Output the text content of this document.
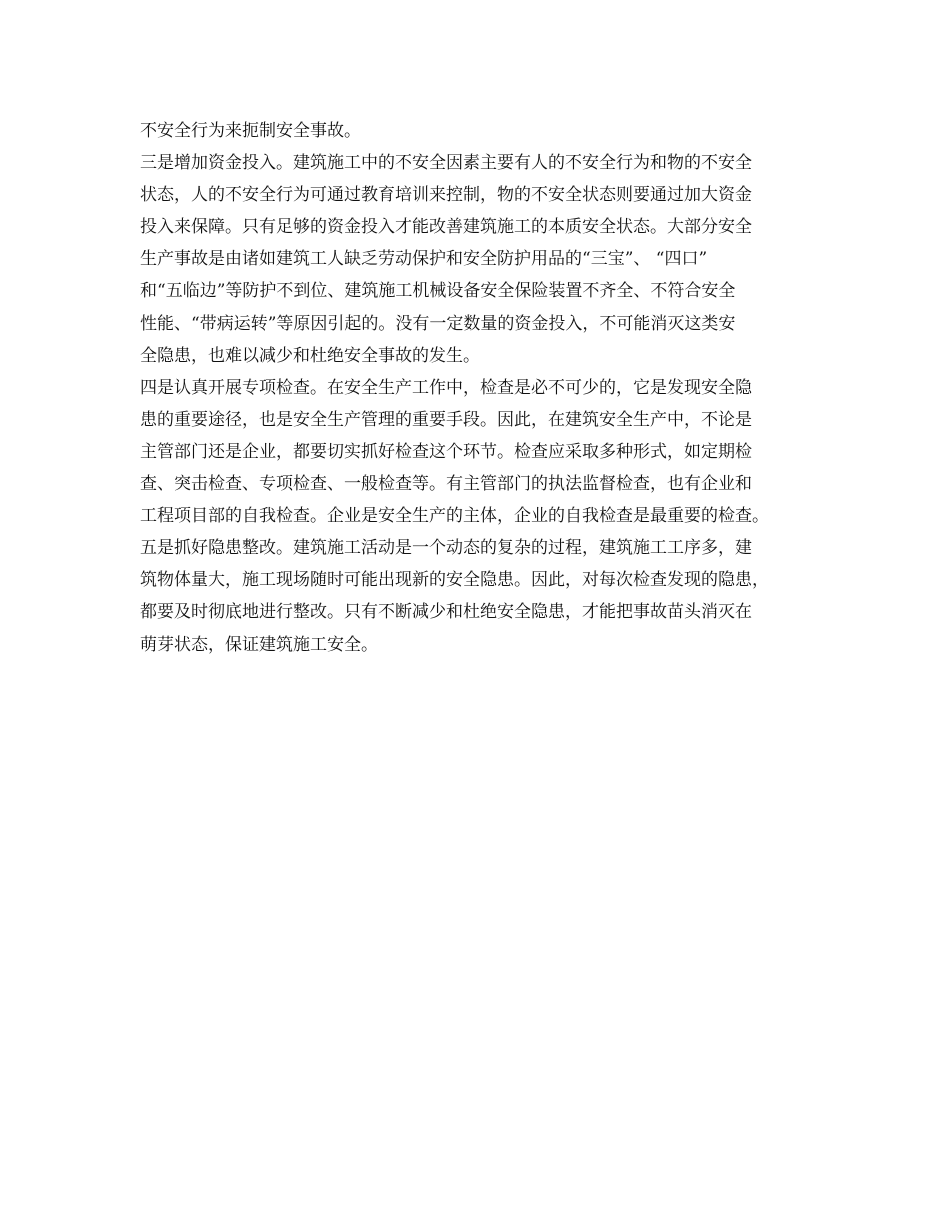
不安全行为来扼制安全事故。
三是增加资金投入。建筑施工中的不安全因素主要有人的不安全行为和物的不安全
状态，人的不安全行为可通过教育培训来控制，物的不安全状态则要通过加大资金
投入来保障。只有足够的资金投入才能改善建筑施工的本质安全状态。大部分安全
生产事故是由诸如建筑工人缺乏劳动保护和安全防护用品的“三宝”、 “四口”
和“五临边”等防护不到位、建筑施工机械设备安全保险装置不齐全、不符合安全
性能、“带病运转”等原因引起的。没有一定数量的资金投入，不可能消灭这类安
全隐患，也难以减少和杜绝安全事故的发生。
四是认真开展专项检查。在安全生产工作中，检查是必不可少的，它是发现安全隐
患的重要途径，也是安全生产管理的重要手段。因此，在建筑安全生产中，不论是
主管部门还是企业，都要切实抓好检查这个环节。检查应采取多种形式，如定期检
查、突击检查、专项检查、一般检查等。有主管部门的执法监督检查，也有企业和
工程项目部的自我检查。企业是安全生产的主体，企业的自我检查是最重要的检查。
五是抓好隐患整改。建筑施工活动是一个动态的复杂的过程，建筑施工工序多，建
筑物体量大，施工现场随时可能出现新的安全隐患。因此，对每次检查发现的隐患，
都要及时彻底地进行整改。只有不断减少和杜绝安全隐患，才能把事故苗头消灭在
萌芽状态，保证建筑施工安全。
